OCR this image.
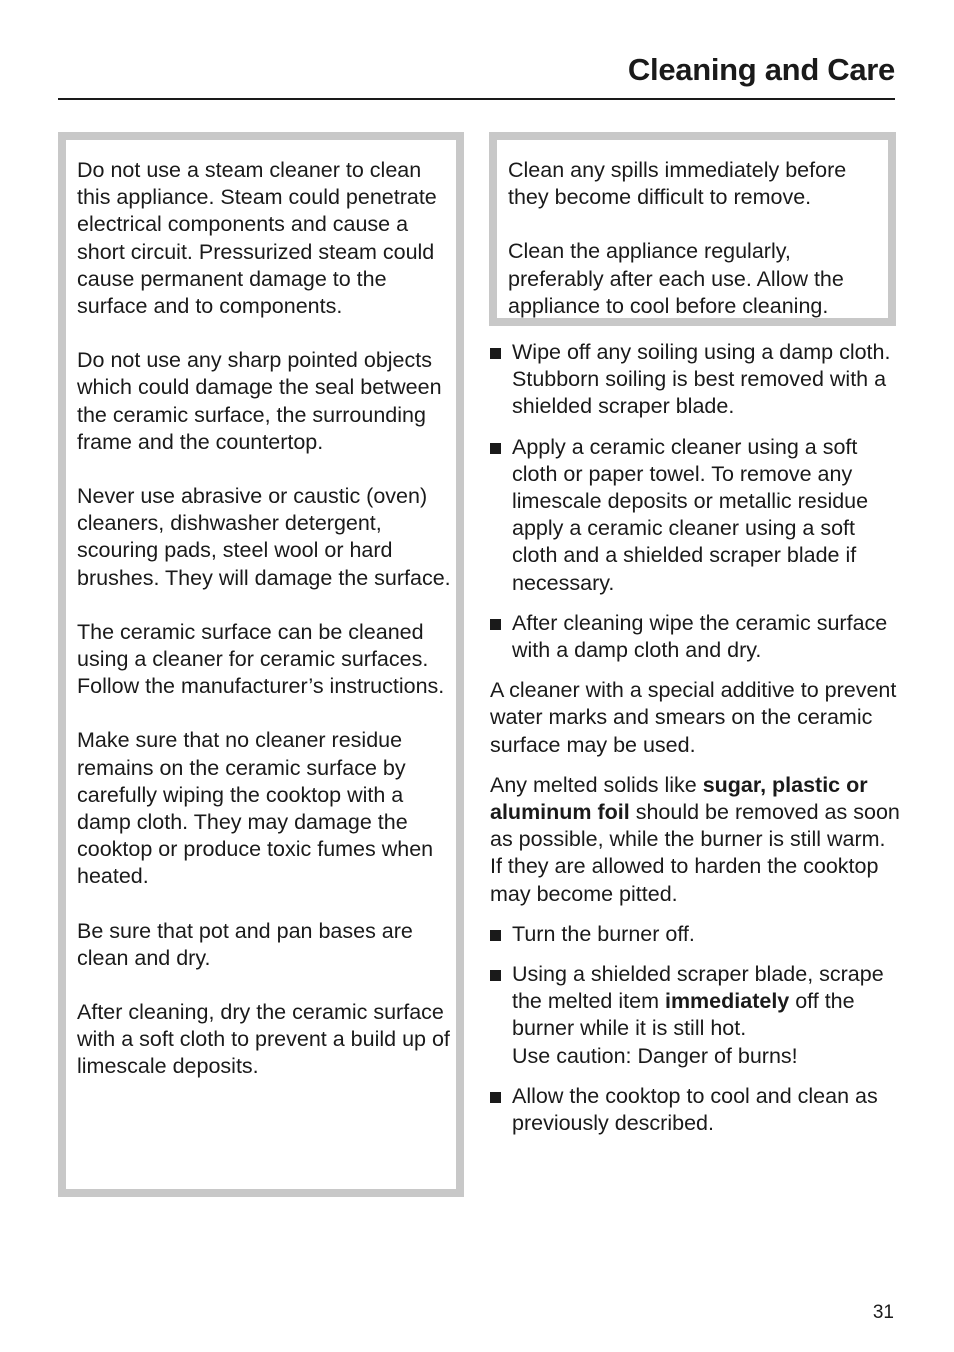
Cleaning and Care

Do not use a steam cleaner to clean this appliance. Steam could penetrate electrical components and cause a short circuit. Pressurized steam could cause permanent damage to the surface and to components.

Do not use any sharp pointed objects which could damage the seal between the ceramic surface, the surrounding frame and the countertop.

Never use abrasive or caustic (oven) cleaners, dishwasher detergent, scouring pads, steel wool or hard brushes. They will damage the surface.

The ceramic surface can be cleaned using a cleaner for ceramic surfaces. Follow the manufacturer’s instructions.

Make sure that no cleaner residue remains on the ceramic surface by carefully wiping the cooktop with a damp cloth. They may damage the cooktop or produce toxic fumes when heated.

Be sure that pot and pan bases are clean and dry.

After cleaning, dry the ceramic surface with a soft cloth to prevent a build up of limescale deposits.

Clean any spills immediately before they become difficult to remove.

Clean the appliance regularly, preferably after each use. Allow the appliance to cool before cleaning.

Wipe off any soiling using a damp cloth. Stubborn soiling is best removed with a shielded scraper blade.
Apply a ceramic cleaner using a soft cloth or paper towel. To remove any limescale deposits or metallic residue apply a ceramic cleaner using a soft cloth and a shielded scraper blade if necessary.
After cleaning wipe the ceramic surface with a damp cloth and dry.

A cleaner with a special additive to prevent water marks and smears on the ceramic surface may be used.

Any melted solids like sugar, plastic or aluminum foil should be removed as soon as possible, while the burner is still warm. If they are allowed to harden the cooktop may become pitted.

Turn the burner off.
Using a shielded scraper blade, scrape the melted item immediately off the burner while it is still hot.
Use caution: Danger of burns!
Allow the cooktop to cool and clean as previously described.
31
